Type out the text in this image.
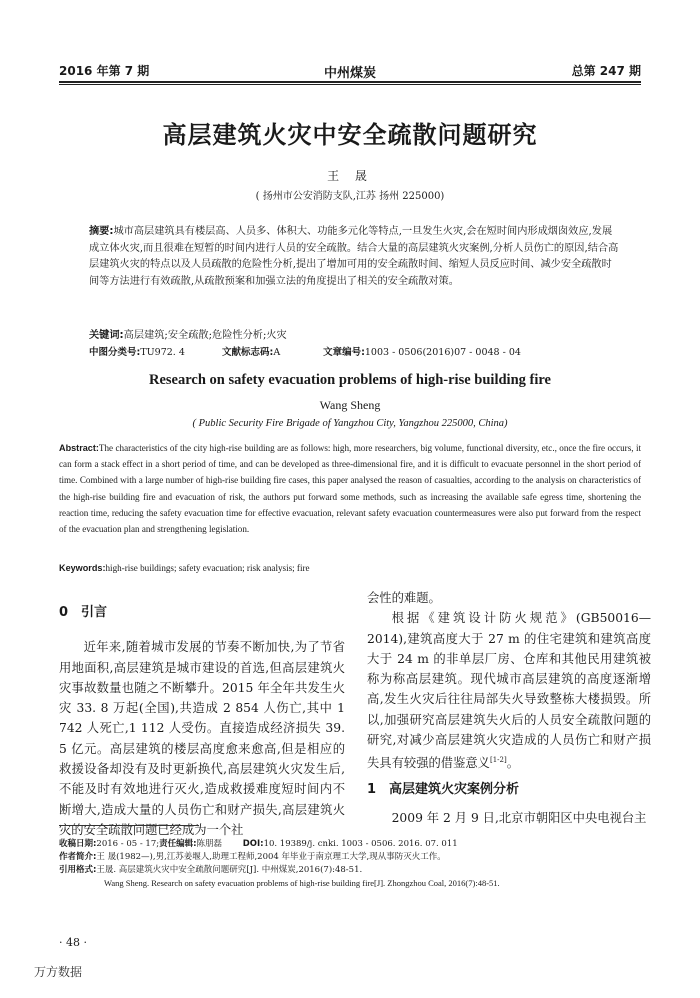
2016 年第 7 期	中州煤炭	总第 247 期
高层建筑火灾中安全疏散问题研究
王 晟
( 扬州市公安消防支队,江苏 扬州 225000)

摘要:城市高层建筑具有楼层高、人员多、体积大、功能多元化等特点,一旦发生火灾,会在短时间内形成烟囱效应,发展成立体火灾,而且很难在短暂的时间内进行人员的安全疏散。结合大量的高层建筑火灾案例,分析人员伤亡的原因,结合高层建筑火灾的特点以及人员疏散的危险性分析,提出了增加可用的安全疏散时间、缩短人员反应时间、减少安全疏散时间等方法进行有效疏散,从疏散预案和加强立法的角度提出了相关的安全疏散对策。

关键词:高层建筑;安全疏散;危险性分析;火灾
中图分类号:TU972. 4	文献标志码:A	文章编号:1003 - 0506(2016)07 - 0048 - 04
Research on safety evacuation problems of high-rise building fire
Wang Sheng
( Public Security Fire Brigade of Yangzhou City, Yangzhou 225000, China)

Abstract:The characteristics of the city high-rise building are as follows: high, more researchers, big volume, functional diversity, etc., once the fire occurs, it can form a stack effect in a short period of time, and can be developed as three-dimensional fire, and it is difficult to evacuate personnel in the short period of time. Combined with a large number of high-rise building fire cases, this paper analysed the reason of casualties, according to the analysis on characteristics of the high-rise building fire and evacuation of risk, the authors put forward some methods, such as increasing the available safe egress time, shortening the reaction time, reducing the safety evacuation time for effective evacuation, relevant safety evacuation countermeasures were also put forward from the respect of the evacuation plan and strengthening legislation.

Keywords:high-rise buildings; safety evacuation; risk analysis; fire
0 引言

近年来,随着城市发展的节奏不断加快,为了节省用地面积,高层建筑是城市建设的首选,但高层建筑火灾事故数量也随之不断攀升。2015 年全年共发生火灾 33. 8 万起(全国),共造成 2 854 人伤亡,其中 1 742 人死亡,1 112 人受伤。直接造成经济损失 39. 5 亿元。高层建筑的楼层高度愈来愈高,但是相应的救援设备却没有及时更新换代,高层建筑火灾发生后,不能及时有效地进行灭火,造成救援难度短时间内不断增大,造成大量的人员伤亡和财产损失,高层建筑火灾的安全疏散问题已经成为一个社

会性的难题。

根据《建筑设计防火规范》(GB50016—2014),建筑高度大于 27 m 的住宅建筑和建筑高度大于 24 m 的非单层厂房、仓库和其他民用建筑被称为称高层建筑。现代城市高层建筑的高度逐渐增高,发生火灾后往往局部失火导致整栋大楼损毁。所以,加强研究高层建筑失火后的人员安全疏散问题的研究,对减少高层建筑火灾造成的人员伤亡和财产损失具有较强的借鉴意义[1-2]。

1 高层建筑火灾案例分析

2009 年 2 月 9 日,北京市朝阳区中央电视台主

收稿日期:2016 - 05 - 17;责任编辑:陈朋磊 DOI:10. 19389/j. cnki. 1003 - 0506. 2016. 07. 011

作者简介:王 晟(1982—),男,江苏姜堰人,助理工程师,2004 年毕业于南京理工大学,现从事防灭火工作。

引用格式:王晟. 高层建筑火灾中安全疏散问题研究[J]. 中州煤炭,2016(7):48-51.

Wang Sheng. Research on safety evacuation problems of high-rise building fire[J]. Zhongzhou Coal, 2016(7):48-51.

· 48 ·
万方数据
